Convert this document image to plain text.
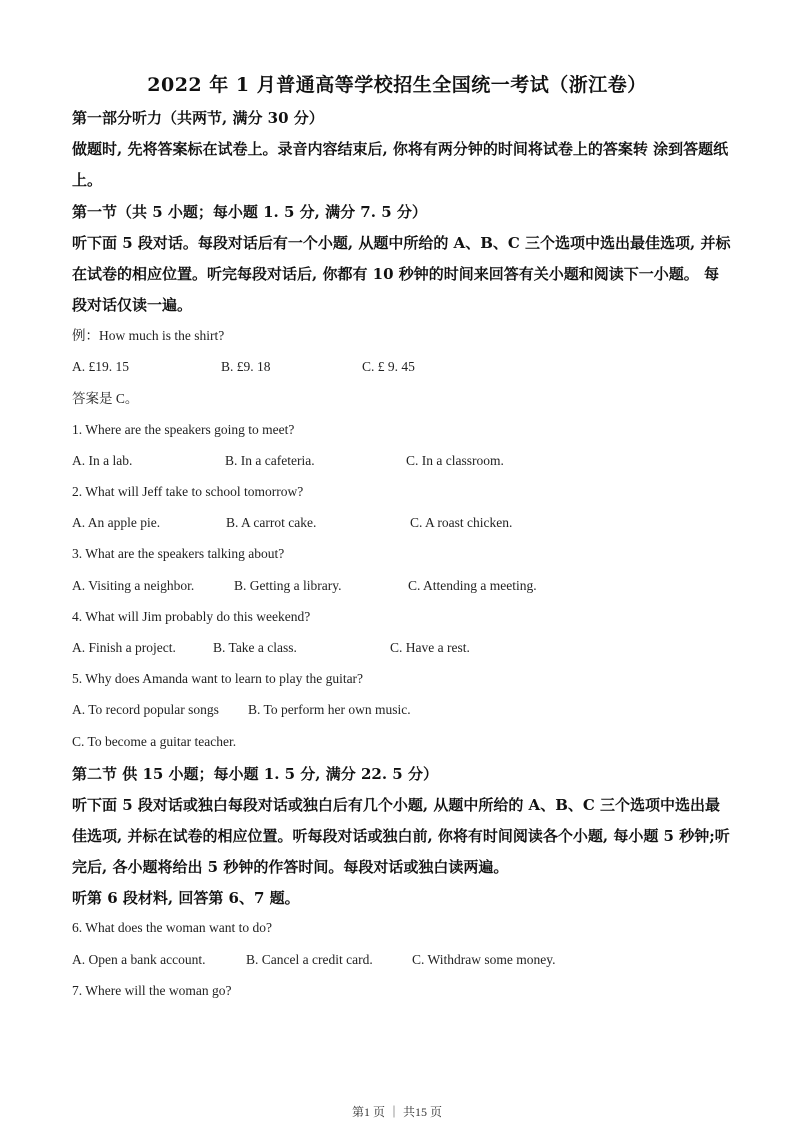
2022 年 1 月普通高等学校招生全国统一考试（浙江卷）
第一部分听力（共两节, 满分 30 分）
做题时, 先将答案标在试卷上。录音内容结束后, 你将有两分钟的时间将试卷上的答案转 涂到答题纸上。
第一节（共 5 小题；每小题 1. 5 分, 满分 7. 5 分）
听下面 5 段对话。每段对话后有一个小题, 从题中所给的 A、B、C 三个选项中选出最佳选项, 并标在试卷的相应位置。听完每段对话后, 你都有 10 秒钟的时间来回答有关小题和阅读下一小题。 每段对话仅读一遍。
例：How much is the shirt?
A. £19. 15	B. £9. 18	C. £ 9. 45
答案是 C。
1. Where are the speakers going to meet?
A. In a lab.	B. In a cafeteria.	C. In a classroom.
2. What will Jeff take to school tomorrow?
A. An apple pie.	B. A carrot cake.	C. A roast chicken.
3. What are the speakers talking about?
A. Visiting a neighbor.	B. Getting a library.	C. Attending a meeting.
4. What will Jim probably do this weekend?
A. Finish a project.	B. Take a class.	C. Have a rest.
5. Why does Amanda want to learn to play the guitar?
A. To record popular songs B. To perform her own music.
C. To become a guitar teacher.
第二节 供 15 小题；每小题 1. 5 分, 满分 22. 5 分）
听下面 5 段对话或独白每段对话或独白后有几个小题, 从题中所给的 A、B、C 三个选项中选出最 佳选项, 并标在试卷的相应位置。听每段对话或独白前, 你将有时间阅读各个小题, 每小题 5 秒钟;听完后, 各小题将给出 5 秒钟的作答时间。每段对话或独白读两遍。
听第 6 段材料, 回答第 6、7 题。
6. What does the woman want to do?
A. Open a bank account.	B. Cancel a credit card.	C. Withdraw some money.
7. Where will the woman go?
第1 页 ｜ 共15 页
